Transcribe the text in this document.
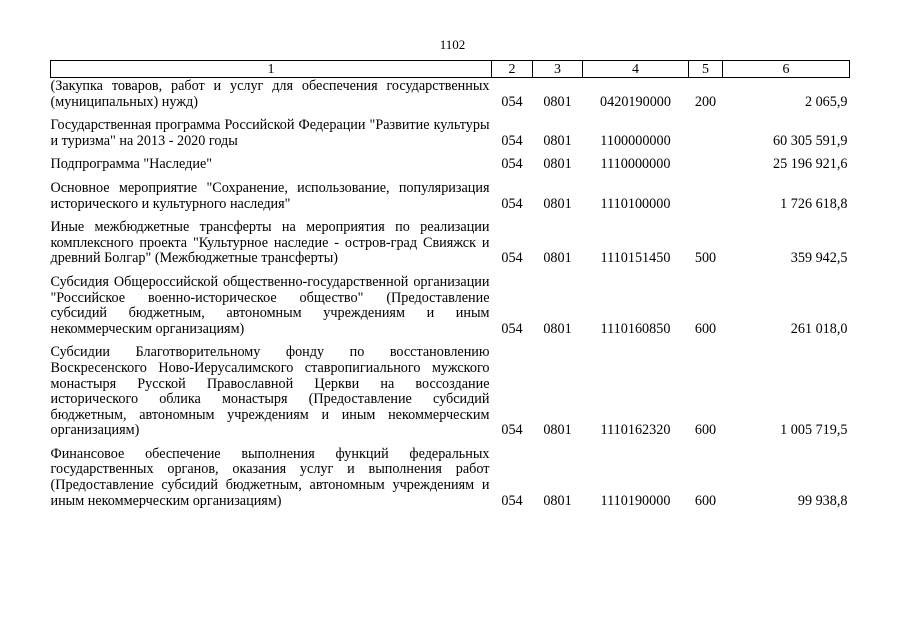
1102
1	2	3	4	5	6
(Закупка товаров, работ и услуг для обеспечения государственных (муниципальных) нужд)	054	0801	0420190000	200	2 065,9
Государственная программа Российской Федерации "Развитие культуры и туризма" на 2013 - 2020 годы	054	0801	1100000000		60 305 591,9
Подпрограмма "Наследие"	054	0801	1110000000		25 196 921,6
Основное мероприятие "Сохранение, использование, популяризация исторического и культурного наследия"	054	0801	1110100000		1 726 618,8
Иные межбюджетные трансферты на мероприятия по реализации комплексного проекта "Культурное наследие - остров-град Свияжск и древний Болгар" (Межбюджетные трансферты)	054	0801	1110151450	500	359 942,5
Субсидия Общероссийской общественно-государственной организации "Российское военно-историческое общество" (Предоставление субсидий бюджетным, автономным учреждениям и иным некоммерческим организациям)	054	0801	1110160850	600	261 018,0
Субсидии Благотворительному фонду по восстановлению Воскресенского Ново-Иерусалимского ставропигиального мужского монастыря Русской Православной Церкви на воссоздание исторического облика монастыря (Предоставление субсидий бюджетным, автономным учреждениям и иным некоммерческим организациям)	054	0801	1110162320	600	1 005 719,5
Финансовое обеспечение выполнения функций федеральных государственных органов, оказания услуг и выполнения работ (Предоставление субсидий бюджетным, автономным учреждениям и иным некоммерческим организациям)	054	0801	1110190000	600	99 938,8
